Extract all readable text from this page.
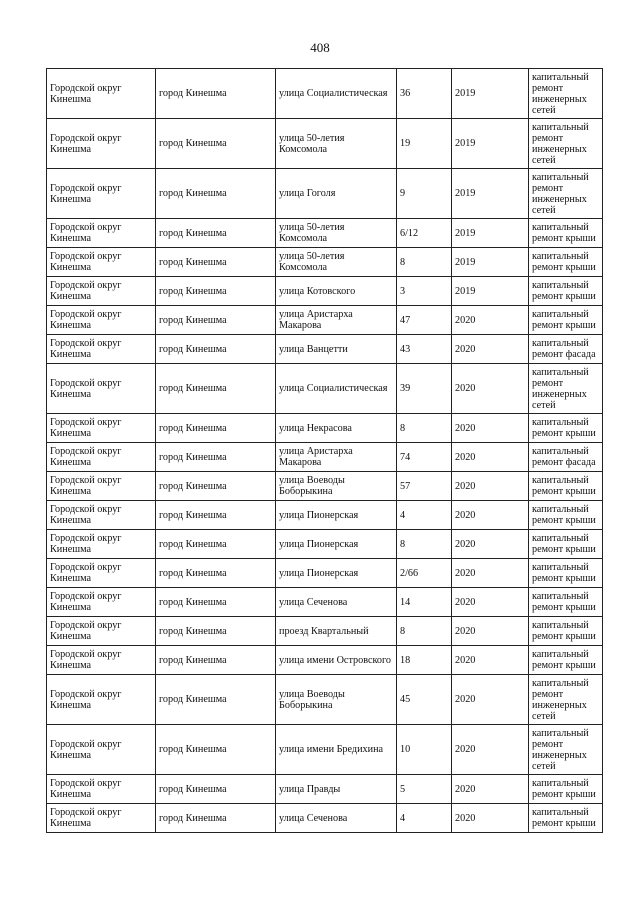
408
Городской округ Кинешма	город Кинешма	улица Социалистическая	36	2019	капитальный ремонт инженерных сетей
Городской округ Кинешма	город Кинешма	улица 50-летия Комсомола	19	2019	капитальный ремонт инженерных сетей
Городской округ Кинешма	город Кинешма	улица Гоголя	9	2019	капитальный ремонт инженерных сетей
Городской округ Кинешма	город Кинешма	улица 50-летия Комсомола	6/12	2019	капитальный ремонт крыши
Городской округ Кинешма	город Кинешма	улица 50-летия Комсомола	8	2019	капитальный ремонт крыши
Городской округ Кинешма	город Кинешма	улица Котовского	3	2019	капитальный ремонт крыши
Городской округ Кинешма	город Кинешма	улица Аристарха Макарова	47	2020	капитальный ремонт крыши
Городской округ Кинешма	город Кинешма	улица Ванцетти	43	2020	капитальный ремонт фасада
Городской округ Кинешма	город Кинешма	улица Социалистическая	39	2020	капитальный ремонт инженерных сетей
Городской округ Кинешма	город Кинешма	улица Некрасова	8	2020	капитальный ремонт крыши
Городской округ Кинешма	город Кинешма	улица Аристарха Макарова	74	2020	капитальный ремонт фасада
Городской округ Кинешма	город Кинешма	улица Воеводы Боборыкина	57	2020	капитальный ремонт крыши
Городской округ Кинешма	город Кинешма	улица Пионерская	4	2020	капитальный ремонт крыши
Городской округ Кинешма	город Кинешма	улица Пионерская	8	2020	капитальный ремонт крыши
Городской округ Кинешма	город Кинешма	улица Пионерская	2/66	2020	капитальный ремонт крыши
Городской округ Кинешма	город Кинешма	улица Сеченова	14	2020	капитальный ремонт крыши
Городской округ Кинешма	город Кинешма	проезд Квартальный	8	2020	капитальный ремонт крыши
Городской округ Кинешма	город Кинешма	улица имени Островского	18	2020	капитальный ремонт крыши
Городской округ Кинешма	город Кинешма	улица Воеводы Боборыкина	45	2020	капитальный ремонт инженерных сетей
Городской округ Кинешма	город Кинешма	улица имени Бредихина	10	2020	капитальный ремонт инженерных сетей
Городской округ Кинешма	город Кинешма	улица Правды	5	2020	капитальный ремонт крыши
Городской округ Кинешма	город Кинешма	улица Сеченова	4	2020	капитальный ремонт крыши
